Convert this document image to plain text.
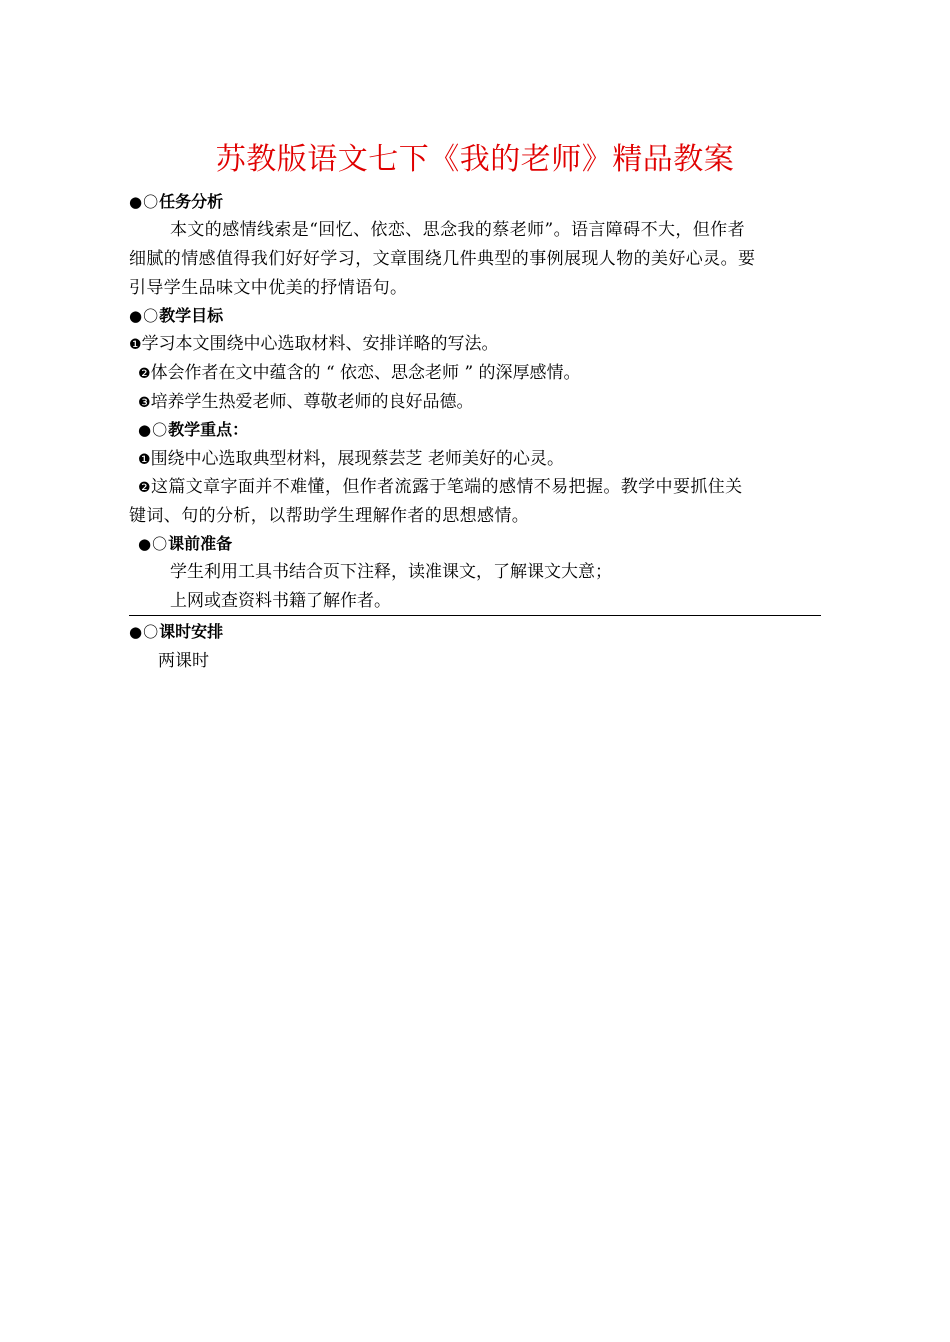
苏教版语文七下《我的老师》精品教案
●〇任务分析
本文的感情线索是“回忆、依恋、思念我的蔡老师”。语言障碍不大，但作者
细腻的情感值得我们好好学习，文章围绕几件典型的事例展现人物的美好心灵。要
引导学生品味文中优美的抒情语句。
●〇教学目标
❶学习本文围绕中心选取材料、安排详略的写法。
❷体会作者在文中蕴含的 “ 依恋、思念老师 ” 的深厚感情。
❸培养学生热爱老师、尊敬老师的良好品德。
●〇教学重点：
❶围绕中心选取典型材料，展现蔡芸芝 老师美好的心灵。
❷这篇文章字面并不难懂，但作者流露于笔端的感情不易把握。教学中要抓住关
键词、句的分析，以帮助学生理解作者的思想感情。
●〇课前准备
学生利用工具书结合页下注释，读准课文，了解课文大意；
上网或查资料书籍了解作者。
●〇课时安排
两课时
